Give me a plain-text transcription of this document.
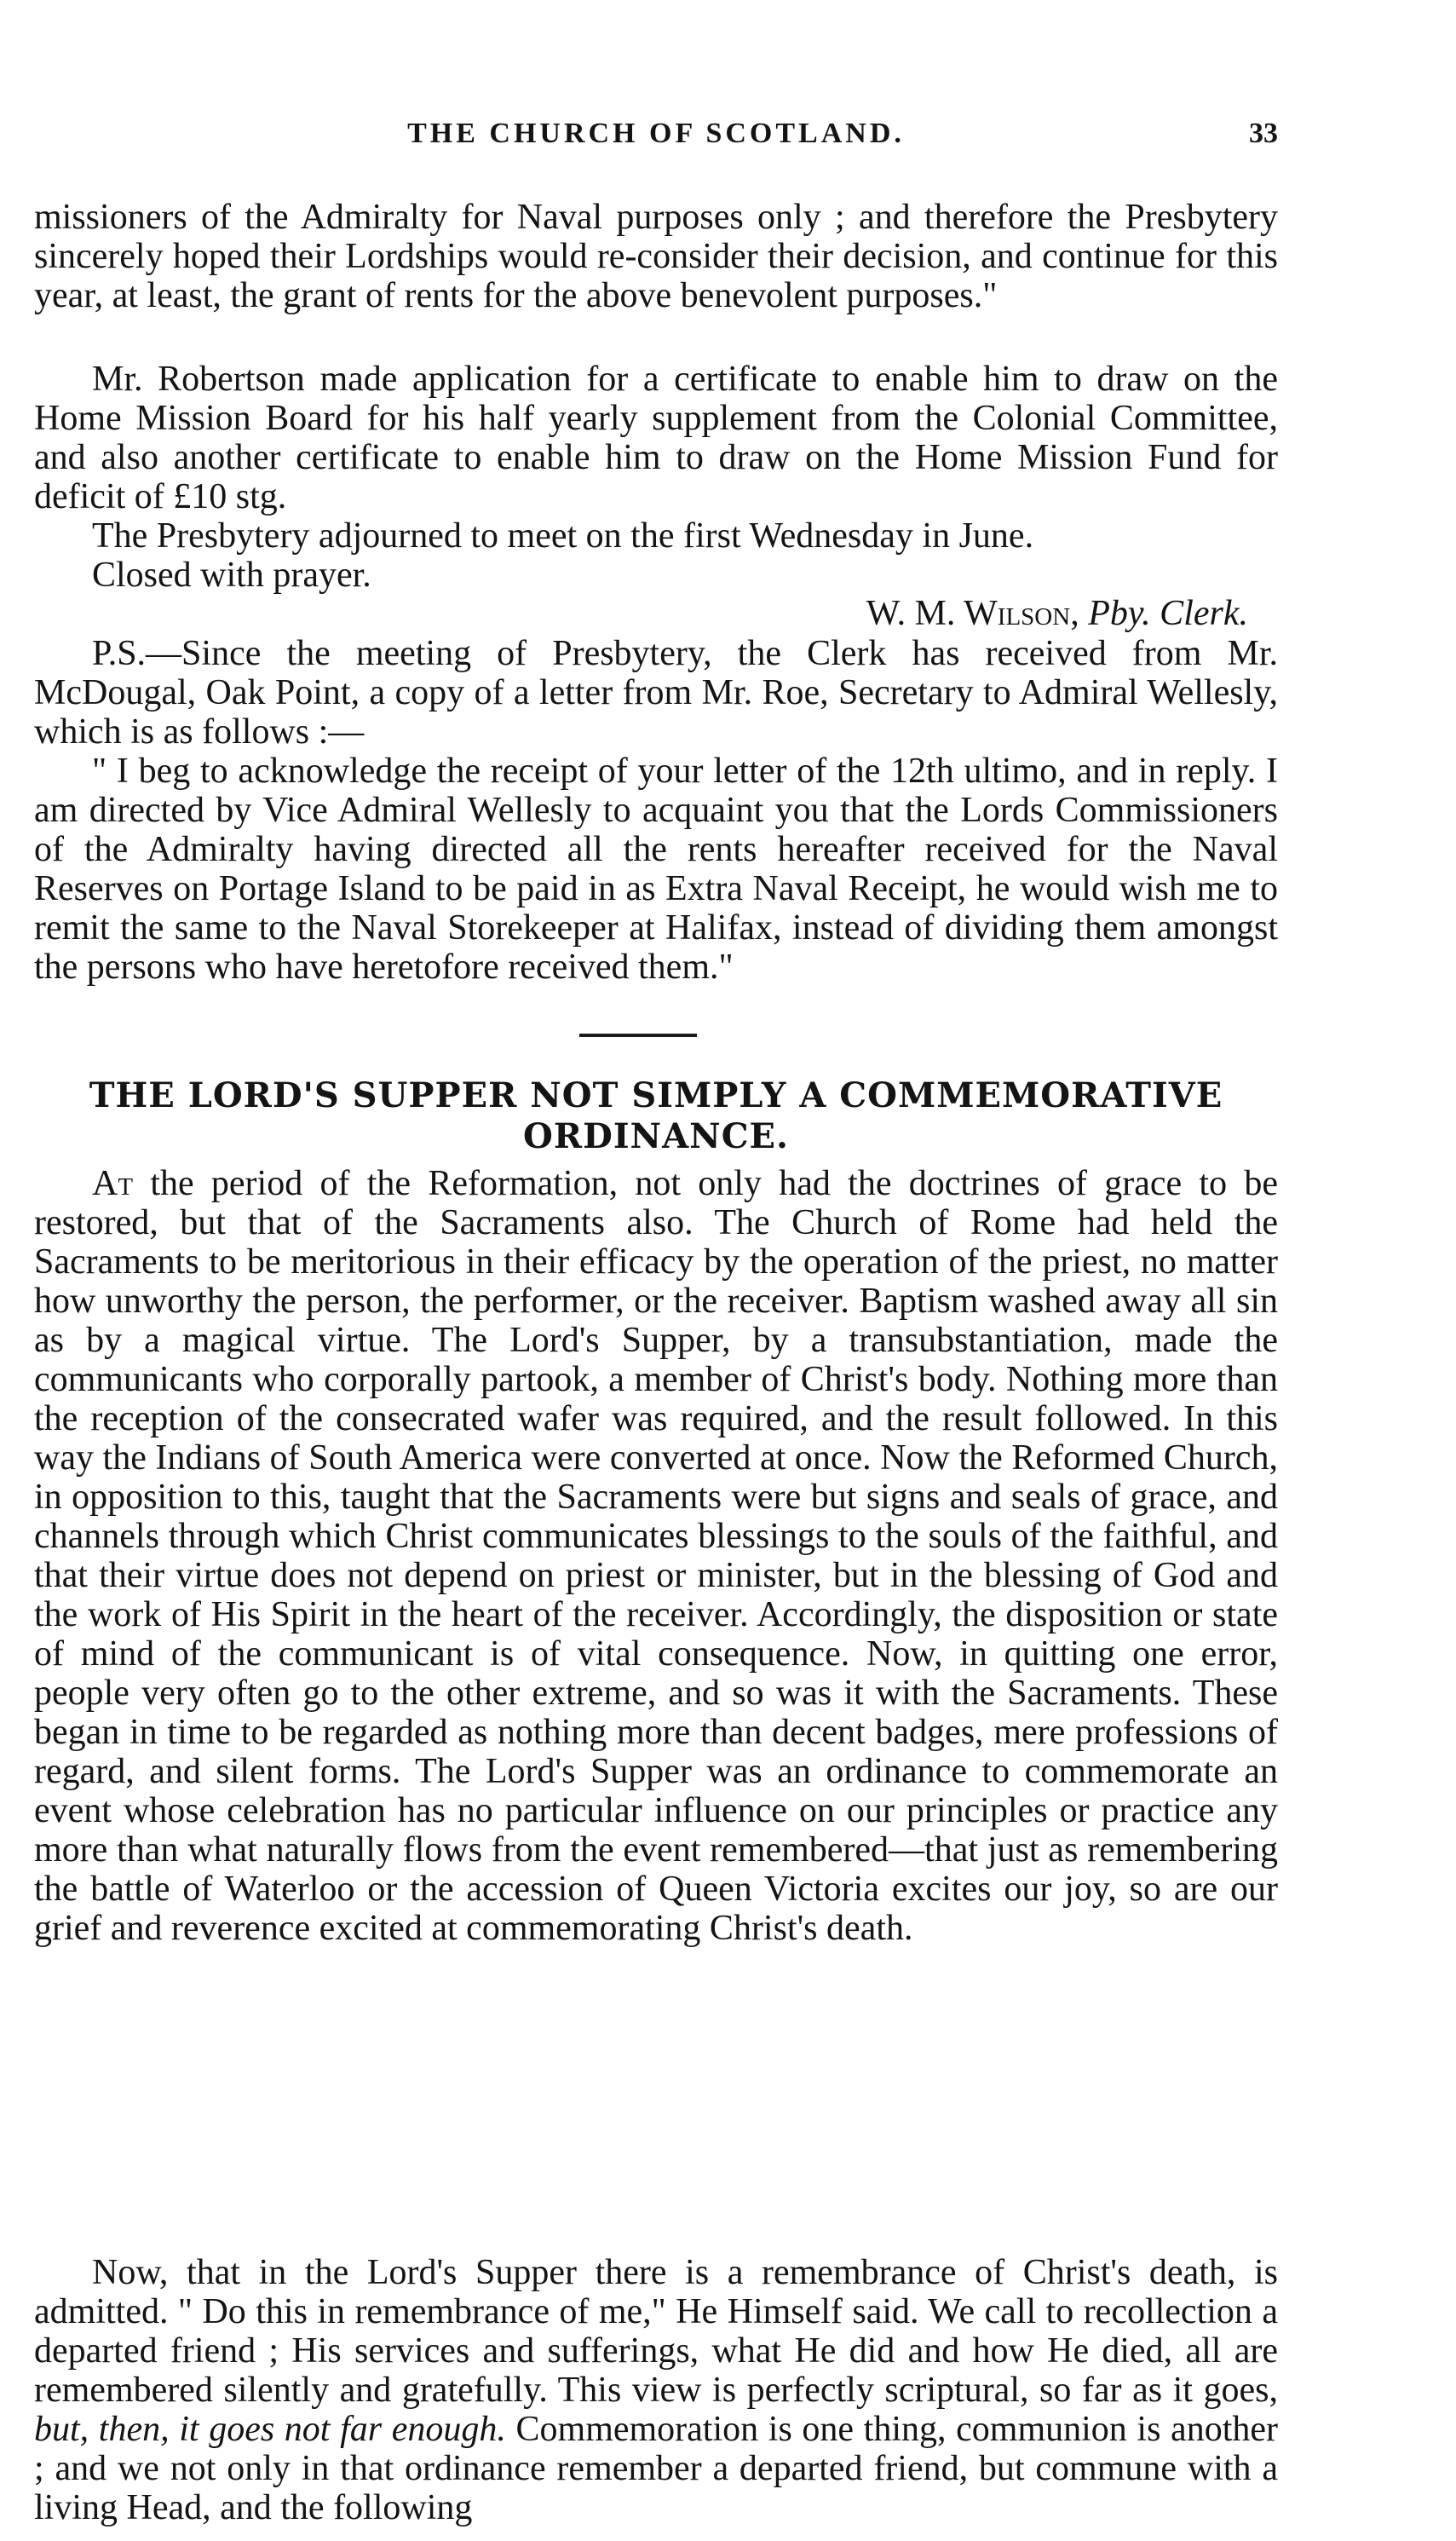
THE CHURCH OF SCOTLAND.	33

missioners of the Admiralty for Naval purposes only ; and therefore the Presbytery sincerely hoped their Lordships would re-consider their decision, and continue for this year, at least, the grant of rents for the above benevolent purposes."

Mr. Robertson made application for a certificate to enable him to draw on the Home Mission Board for his half yearly supplement from the Colonial Committee, and also another certificate to enable him to draw on the Home Mission Fund for deficit of £10 stg.

The Presbytery adjourned to meet on the first Wednesday in June.

Closed with prayer.

W. M. Wilson, Pby. Clerk.

P.S.—Since the meeting of Presbytery, the Clerk has received from Mr. McDougal, Oak Point, a copy of a letter from Mr. Roe, Secretary to Admiral Wellesly, which is as follows :—

" I beg to acknowledge the receipt of your letter of the 12th ultimo, and in reply. I am directed by Vice Admiral Wellesly to acquaint you that the Lords Commissioners of the Admiralty having directed all the rents hereafter received for the Naval Reserves on Portage Island to be paid in as Extra Naval Receipt, he would wish me to remit the same to the Naval Storekeeper at Halifax, instead of dividing them amongst the persons who have heretofore received them."

THE LORD'S SUPPER NOT SIMPLY A COMMEMORATIVE
ORDINANCE.

At the period of the Reformation, not only had the doctrines of grace to be restored, but that of the Sacraments also. The Church of Rome had held the Sacraments to be meritorious in their efficacy by the operation of the priest, no matter how unworthy the person, the performer, or the receiver. Baptism washed away all sin as by a magical virtue. The Lord's Supper, by a transubstantiation, made the communicants who corporally partook, a member of Christ's body. Nothing more than the reception of the consecrated wafer was required, and the result followed. In this way the Indians of South America were converted at once. Now the Reformed Church, in opposition to this, taught that the Sacraments were but signs and seals of grace, and channels through which Christ communicates blessings to the souls of the faithful, and that their virtue does not depend on priest or minister, but in the blessing of God and the work of His Spirit in the heart of the receiver. Accordingly, the disposition or state of mind of the communicant is of vital consequence. Now, in quitting one error, people very often go to the other extreme, and so was it with the Sacraments. These began in time to be regarded as nothing more than decent badges, mere professions of regard, and silent forms. The Lord's Supper was an ordinance to commemorate an event whose celebration has no particular influence on our principles or practice any more than what naturally flows from the event remembered—that just as remembering the battle of Waterloo or the accession of Queen Victoria excites our joy, so are our grief and reverence excited at commemorating Christ's death.

Now, that in the Lord's Supper there is a remembrance of Christ's death, is admitted. " Do this in remembrance of me," He Himself said. We call to recollection a departed friend ; His services and sufferings, what He did and how He died, all are remembered silently and gratefully. This view is perfectly scriptural, so far as it goes, but, then, it goes not far enough. Commemoration is one thing, communion is another ; and we not only in that ordinance remember a departed friend, but commune with a living Head, and the following
